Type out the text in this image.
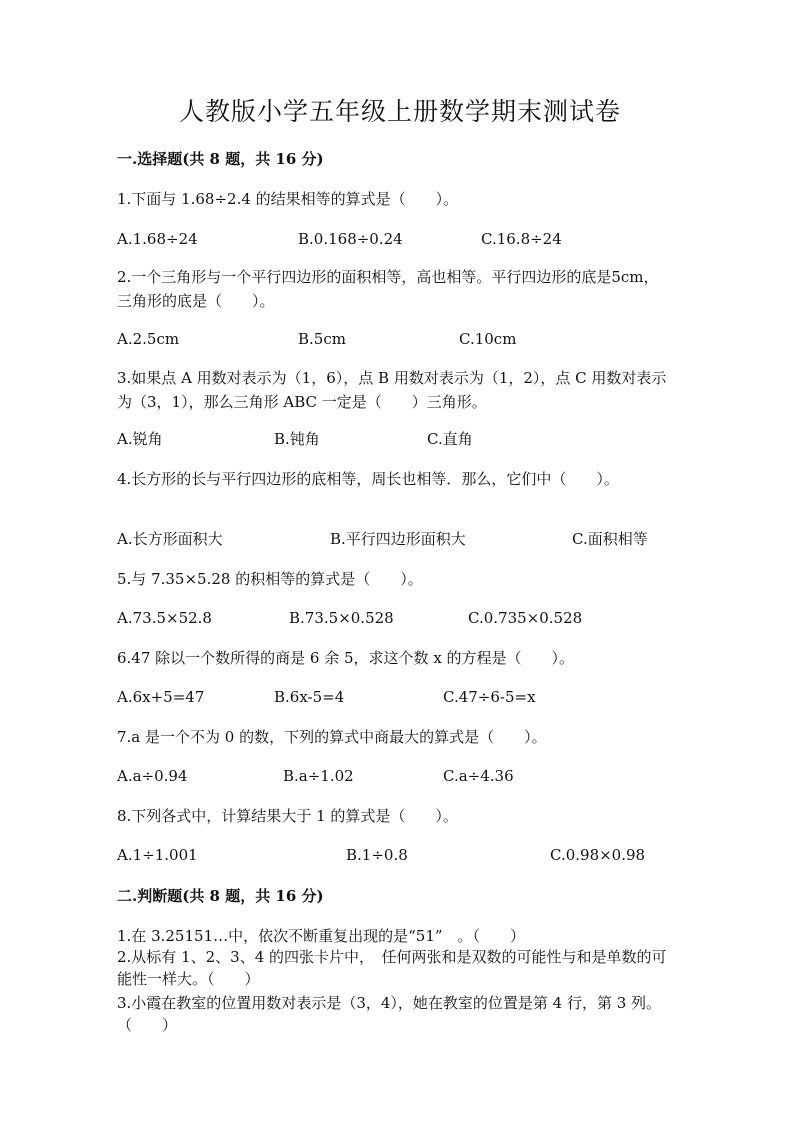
人教版小学五年级上册数学期末测试卷
一.选择题(共 8 题，共 16 分)
1.下面与 1.68÷2.4 的结果相等的算式是（　　）。
A.1.68÷24	B.0.168÷0.24	C.16.8÷24
2.一个三角形与一个平行四边形的面积相等，高也相等。平行四边形的底是5cm，三角形的底是（　　）。
A.2.5cm	B.5cm	C.10cm
3.如果点 A 用数对表示为（1，6），点 B 用数对表示为（1，2），点 C 用数对表示为（3，1），那么三角形 ABC 一定是（　　）三角形。
A.锐角	B.钝角	C.直角
4.长方形的长与平行四边形的底相等，周长也相等．那么，它们中（　　）。
A.长方形面积大	B.平行四边形面积大	C.面积相等
5.与 7.35×5.28 的积相等的算式是（　　）。
A.73.5×52.8	B.73.5×0.528	C.0.735×0.528
6.47 除以一个数所得的商是 6 余 5，求这个数 x 的方程是（　　）。
A.6x+5=47	B.6x-5=4	C.47÷6-5=x
7.a 是一个不为 0 的数，下列的算式中商最大的算式是（　　）。
A.a÷0.94	B.a÷1.02	C.a÷4.36
8.下列各式中，计算结果大于 1 的算式是（　　）。
A.1÷1.001	B.1÷0.8	C.0.98×0.98
二.判断题(共 8 题，共 16 分)
1.在 3.25151…中，依次不断重复出现的是“51”　。（　　）
2.从标有 1、2、3、4 的四张卡片中，　任何两张和是双数的可能性与和是单数的可能性一样大。（　　）
3.小霞在教室的位置用数对表示是（3，4），她在教室的位置是第 4 行，第 3 列。（　　）
